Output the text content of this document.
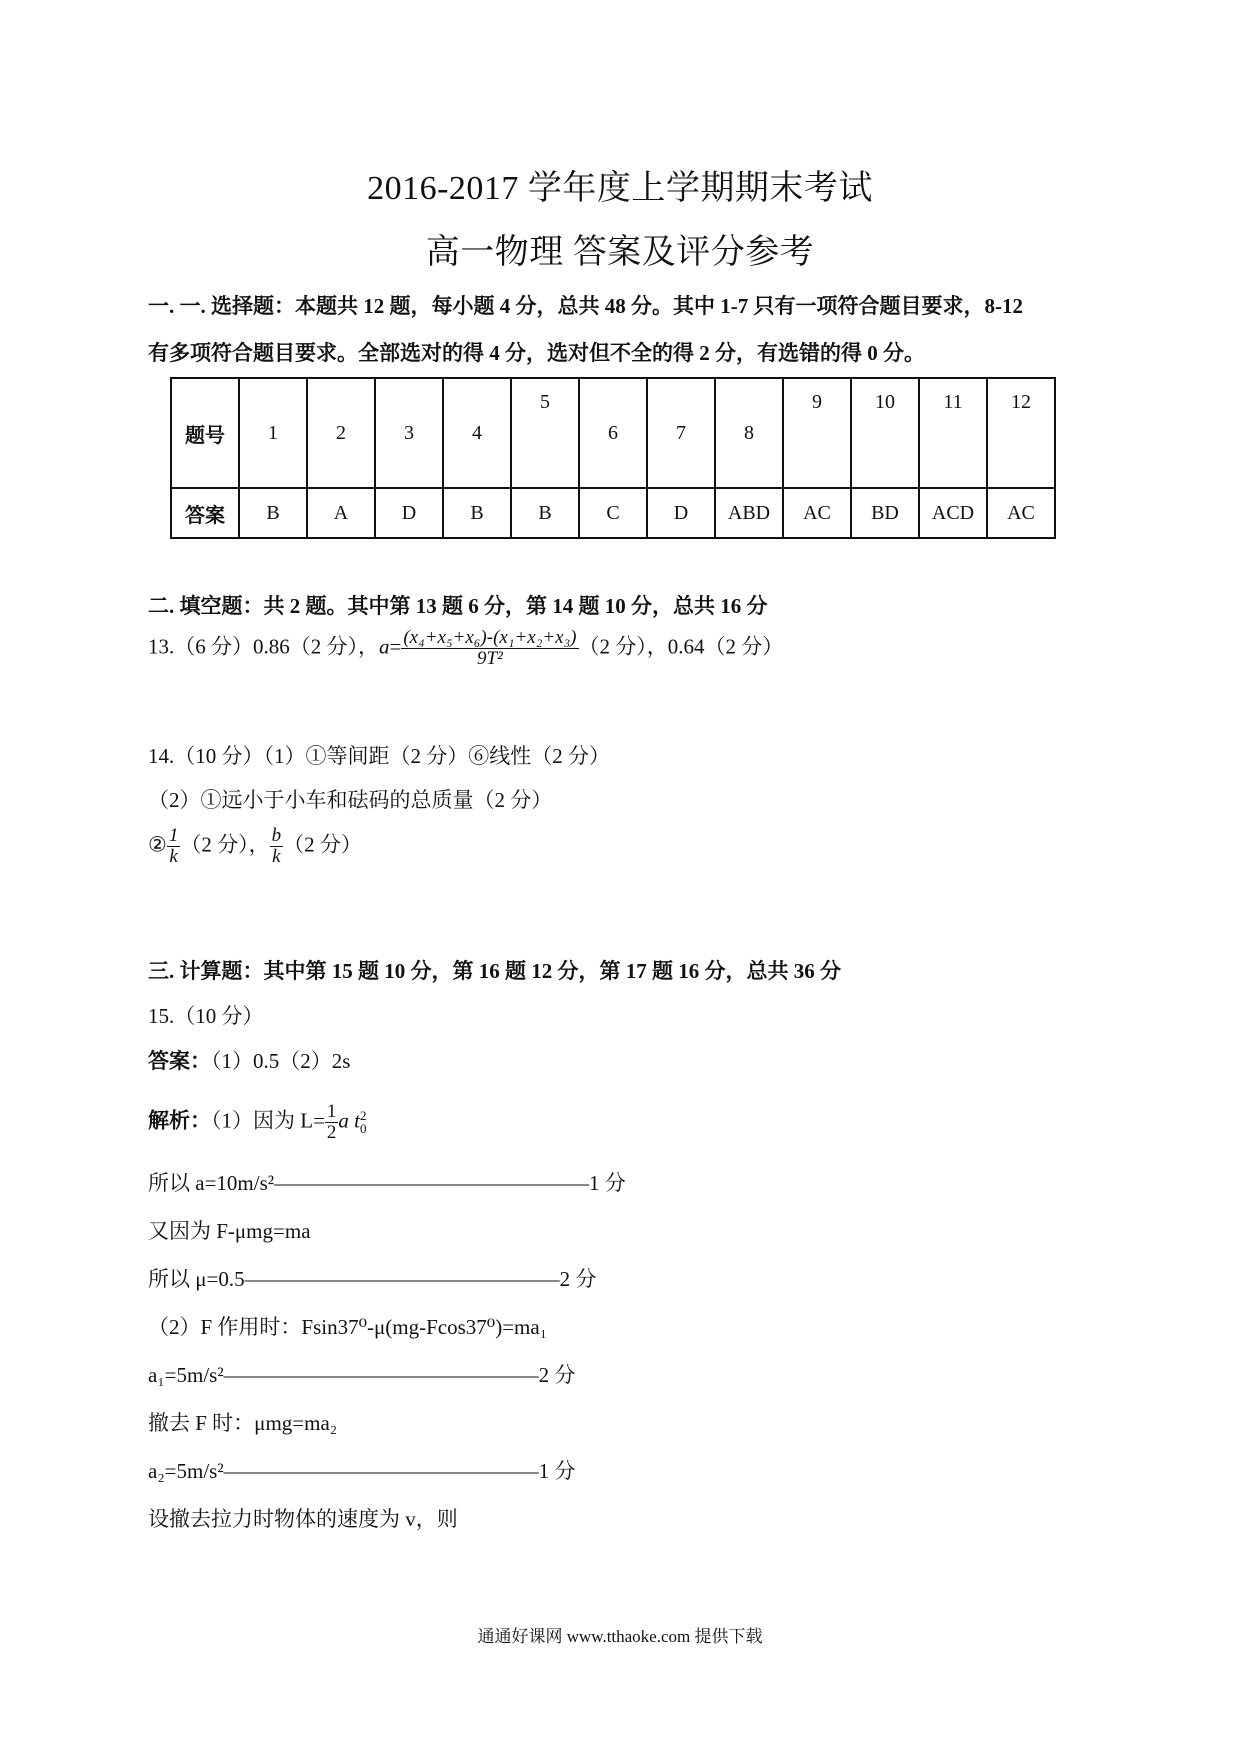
2016-2017 学年度上学期期末考试
高一物理 答案及评分参考
一. 一. 选择题：本题共 12 题，每小题 4 分，总共 48 分。其中 1-7 只有一项符合题目要求，8-12
有多项符合题目要求。全部选对的得 4 分，选对但不全的得 2 分，有选错的得 0 分。
题号	1	2	3	4	5	6	7	8	9	10	11	12
答案	B	A	D	B	B	C	D	ABD	AC	BD	ACD	AC
二. 填空题：共 2 题。其中第 13 题 6 分，第 14 题 10 分，总共 16 分
13.（6 分）0.86（2 分），$a= \frac{\text{(x₄+x₅+x₆)-(x₁+x₂+x₃)}}{\text{9T²}} (2$ 分），0.64（2 分）
14.（10 分）（1）①等间距（2 分）⑥线性（2 分）
（2）①远小于小车和砝码的总质量（2 分）
② $\frac{1}{k} (2$ 分）， $\frac{b}{k} (2$ 分）
三. 计算题：其中第 15 题 10 分，第 16 题 12 分，第 17 题 16 分，总共 36 分
15.（10 分）
答案：（1）0.5（2）2s
解析：（1）因为 $L= \frac{1}{2}$ a t 2
0
所以 a=10m/s²———————————————1 分
又因为 F-μmg=ma
所以 μ=0.5———————————————2 分
（2）F 作用时：Fsin37⁰-μ(mg-Fcos37⁰)=ma₁
a₁=5m/s²———————————————2 分
撤去 F 时：μmg=ma₂
a₂=5m/s²———————————————1 分
设撤去拉力时物体的速度为 v，则
通通好课网 www.tthaoke.com 提供下载
